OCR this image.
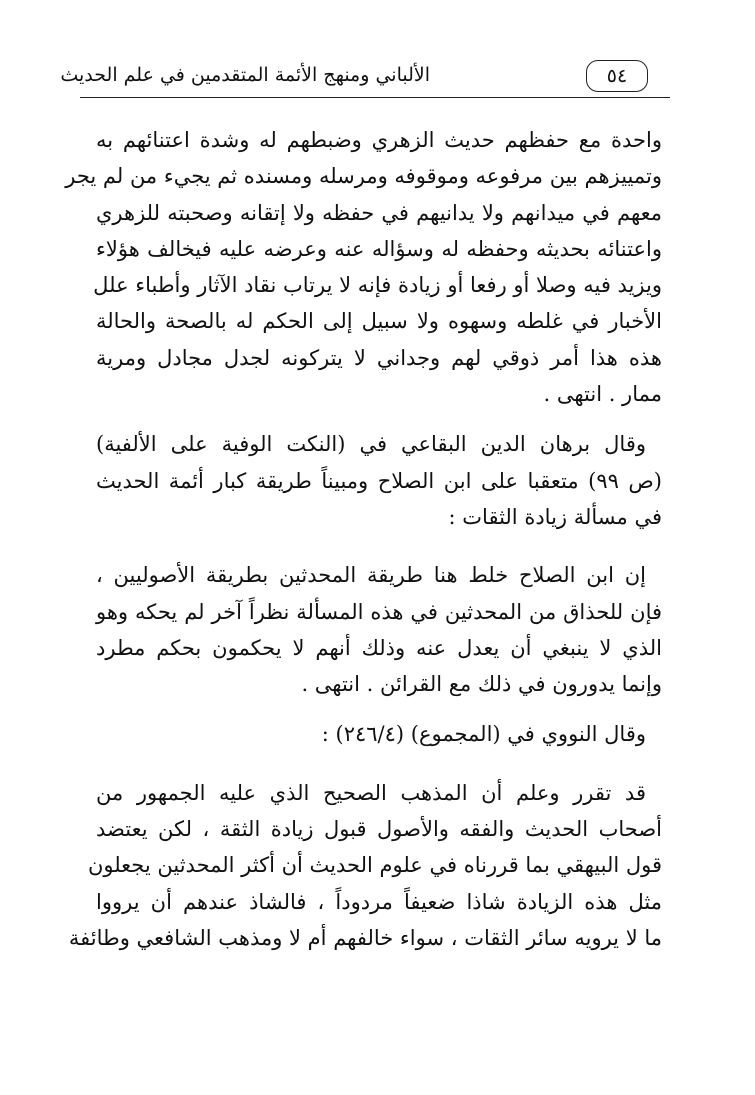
٥٤
الألباني ومنهج الأئمة المتقدمين في علم الحديث
واحدة مع حفظهم حديث الزهري وضبطهم له وشدة اعتنائهم به
وتمييزهم بين مرفوعه وموقوفه ومرسله ومسنده ثم يجيء من لم يجر
معهم في ميدانهم ولا يدانيهم في حفظه ولا إتقانه وصحبته للزهري
واعتنائه بحديثه وحفظه له وسؤاله عنه وعرضه عليه فيخالف هؤلاء
ويزيد فيه وصلا أو رفعا أو زيادة فإنه لا يرتاب نقاد الآثار وأطباء علل
الأخبار في غلطه وسهوه ولا سبيل إلى الحكم له بالصحة والحالة
هذه هذا أمر ذوقي لهم وجداني لا يتركونه لجدل مجادل ومرية
ممار . انتهى .
وقال برهان الدين البقاعي في (النكت الوفية على الألفية)
(ص ٩٩) متعقبا على ابن الصلاح ومبيناً طريقة كبار أئمة الحديث
في مسألة زيادة الثقات :
إن ابن الصلاح خلط هنا طريقة المحدثين بطريقة الأصوليين ،
فإن للحذاق من المحدثين في هذه المسألة نظراً آخر لم يحكه وهو
الذي لا ينبغي أن يعدل عنه وذلك أنهم لا يحكمون بحكم مطرد
وإنما يدورون في ذلك مع القرائن . انتهى .
وقال النووي في (المجموع) (٢٤٦/٤) :
قد تقرر وعلم أن المذهب الصحيح الذي عليه الجمهور من
أصحاب الحديث والفقه والأصول قبول زيادة الثقة ، لكن يعتضد
قول البيهقي بما قررناه في علوم الحديث أن أكثر المحدثين يجعلون
مثل هذه الزيادة شاذا ضعيفاً مردوداً ، فالشاذ عندهم أن يرووا
ما لا يرويه سائر الثقات ، سواء خالفهم أم لا ومذهب الشافعي وطائفة
